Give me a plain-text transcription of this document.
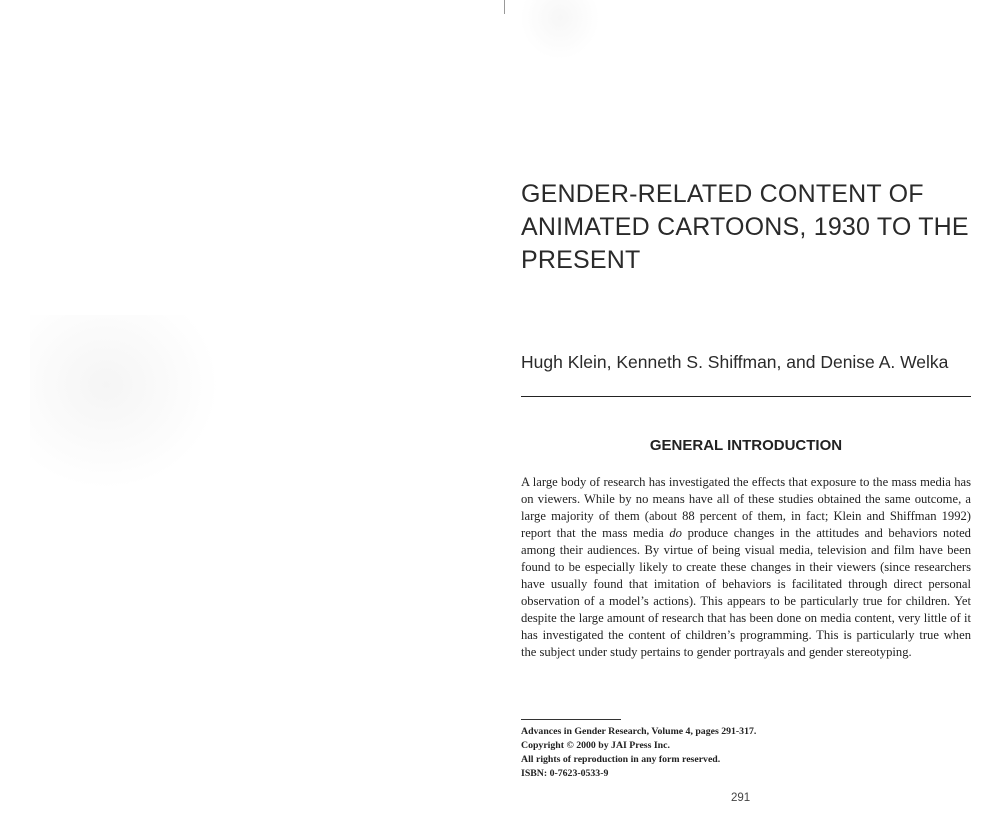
GENDER-RELATED CONTENT OF ANIMATED CARTOONS, 1930 TO THE PRESENT

Hugh Klein, Kenneth S. Shiffman, and Denise A. Welka

GENERAL INTRODUCTION

A large body of research has investigated the effects that exposure to the mass media has on viewers. While by no means have all of these studies obtained the same outcome, a large majority of them (about 88 percent of them, in fact; Klein and Shiffman 1992) report that the mass media do produce changes in the attitudes and behaviors noted among their audiences. By virtue of being visual media, television and film have been found to be especially likely to create these changes in their viewers (since researchers have usually found that imitation of behaviors is facilitated through direct personal observation of a model’s actions). This appears to be particularly true for children. Yet despite the large amount of research that has been done on media content, very little of it has investigated the content of children’s programming. This is particularly true when the subject under study pertains to gender portrayals and gender stereotyping.

Advances in Gender Research, Volume 4, pages 291-317.
Copyright © 2000 by JAI Press Inc.
All rights of reproduction in any form reserved.
ISBN: 0-7623-0533-9
291
